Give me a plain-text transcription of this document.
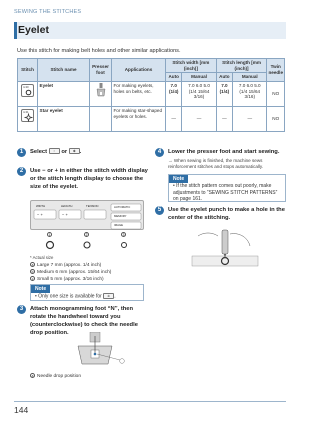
SEWING THE STITCHES
Eyelet
Use this stitch for making belt holes and other similar applications.
Stitch	Stitch name	Presser foot	Applications	Stitch width [mm (inch)]		Stitch length [mm (inch)]		Twin needle
				Auto	Manual	Auto	Manual	

4-30	Eyelet		For making eyelets, holes on belts, etc.	7.0 (1/4)	7.0 6.0 5.0 (1/4 15/64 3/16)	7.0 (1/4)	7.0 6.0 5.0 (1/4 15/64 3/16)	NO

4-31	Star eyelet		For making star-shaped eyelets or holes.	—	—	—	—	NO
1	Select ○ or ✲ .
2	Use − or + in either the stitch width display or the stitch length display to choose the size of the eyelet.
WIDTH	LENGTH	TENSION	AUTOMATIC
MEMORY
IMAGE
− +	− +
1	2	3
* Actual size
a Large 7 mm (approx. 1/4 inch)
b Medium 6 mm (approx. 15/64 inch)
c Small 5 mm (approx. 3/16 inch)
Note
• Only one size is available for ✲ .
3	Attach monogramming foot “N”, then rotate the handwheel toward you (counterclockwise) to check the needle drop position.
a Needle drop position
4	Lower the presser foot and start sewing.
→ When sewing is finished, the machine sews reinforcement stitches and stops automatically.
Note
• If the stitch pattern comes out poorly, make adjustments to “SEWING STITCH PATTERNS” on page 161.
5	Use the eyelet punch to make a hole in the center of the stitching.
144
